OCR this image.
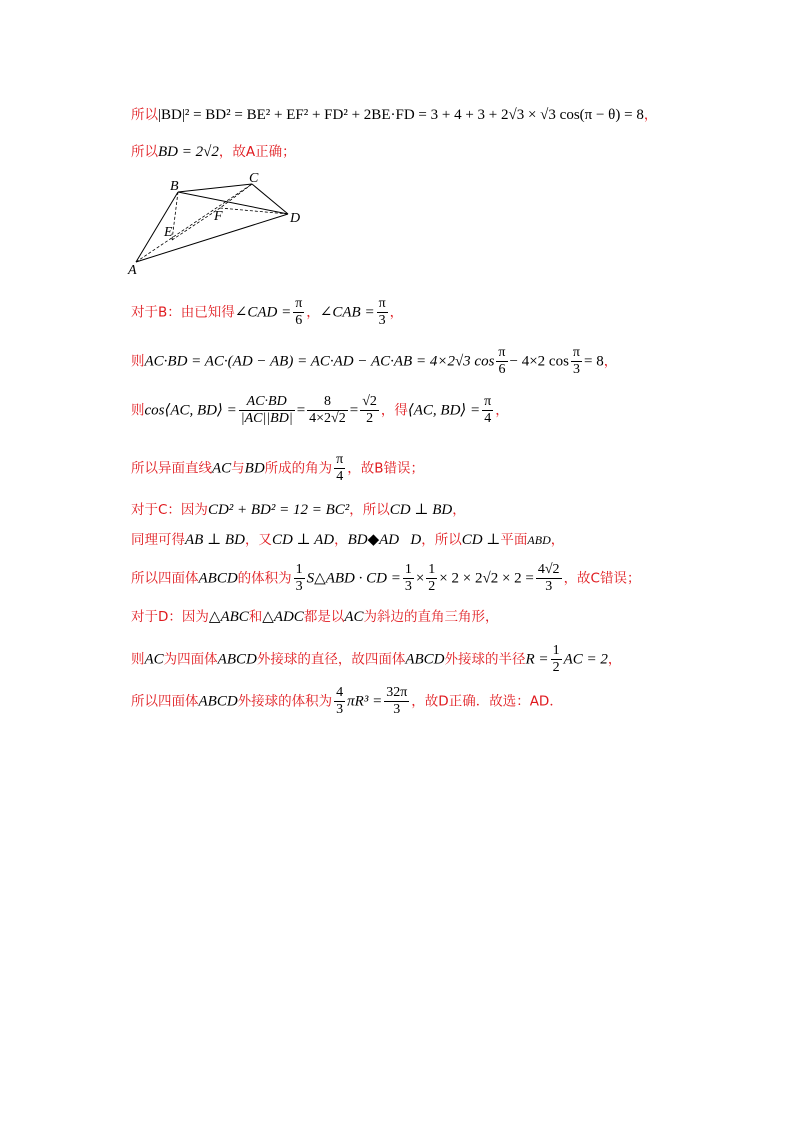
所以|BD|² = BD² = BE² + EF² + FD² + 2BE·FD = 3 + 4 + 3 + 2√3 × √3 cos(π − θ) = 8，
所以BD = 2√2，故A正确；
A
B
C
D
E
F
对于B：由已知得∠CAD = $\frac{\pi}{6}$ ，∠CAB = $\frac{\pi}{3}$ ，
则AC·BD = AC·(AD − AB) = AC·AD − AC·AB = 4×2√3 $\cos \frac{\pi}{6} - 4\times 2$ $\cos \frac{\pi}{3} = 8$，
则cos⟨AC, BD⟩ = $\frac{AC\cdot BD}{|AC||BD|} = \frac{8}{4\times 2√2} = \frac{√2}{2}$ ，得⟨AC, BD⟩ = $\frac{\pi}{4}$ ，
所以异面直线AC与BD所成的角为 $\frac{\pi}{4}$ ，故B错误；
对于C：因为CD² + BD² = 12 = BC²，所以CD ⊥ BD，
同理可得AB ⊥ BD，又CD ⊥ AD，BD◆AD   D，所以CD ⊥平面ABD，
所以四面体ABCD的体积为 $\frac{1}{3}$ S△ABD · CD = $\frac{1}{3} \times \frac{1}{2} \times 2 \times 2√2 \times 2 = \frac{4√2}{3}$ ，故C错误；
对于D：因为△ABC和△ADC都是以AC为斜边的直角三角形，
则AC为四面体ABCD外接球的直径，故四面体ABCD外接球的半径$R = \frac{1}{2}$ AC = 2，
所以四面体ABCD外接球的体积为 $\frac{4}{3} \pi R^3 = \frac{32\pi}{3}$ ，故D正确．故选：AD．
